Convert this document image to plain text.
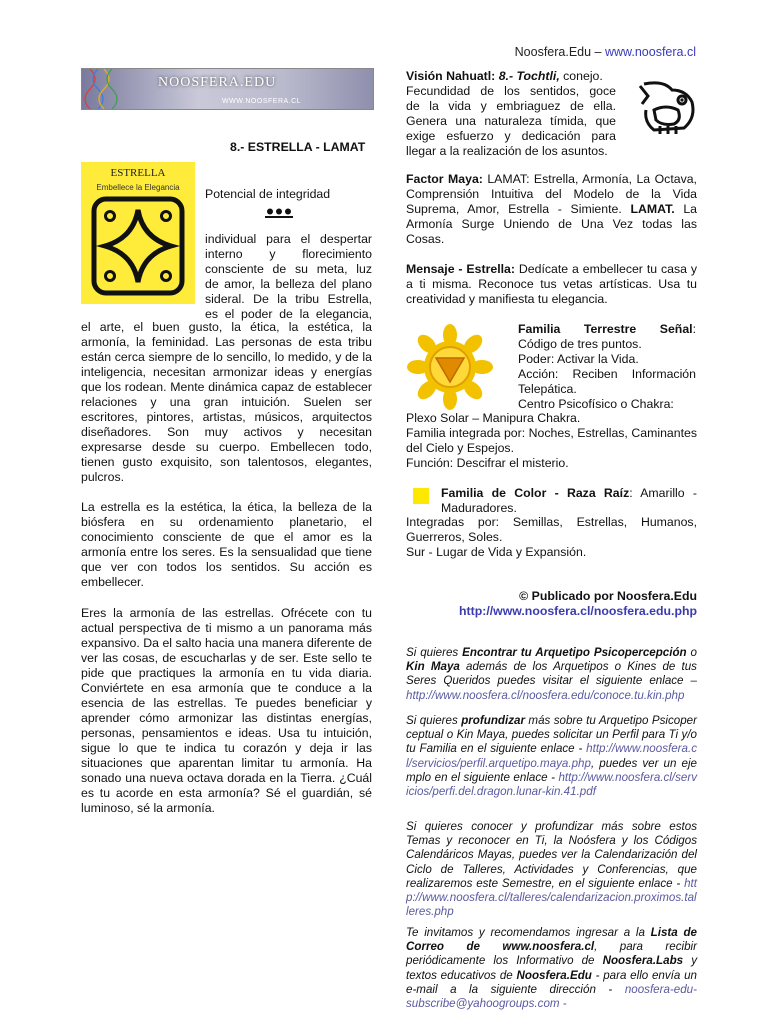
Noosfera.Edu – www.noosfera.cl
NOOSFERA.EDU
WWW.NOOSFERA.CL
8.- ESTRELLA - LAMAT
ESTRELLA
Embellece la Elegancia	Potencial de integridad

individual para el despertar

interno y florecimiento

consciente de su meta, luz

de amor, la belleza del plano

sideral. De la tribu Estrella,

es el poder de la elegancia,

el arte, el buen gusto, la ética, la estética, la armonía, la feminidad. Las personas de esta tribu están cerca siempre de lo sencillo, lo medido, y de la inteligencia, necesitan armonizar ideas y energías que los rodean. Mente dinámica capaz de establecer relaciones y una gran intuición. Suelen ser escritores, pintores, artistas, músicos, arquitectos diseñadores. Son muy activos y necesitan expresarse desde su cuerpo. Embellecen todo, tienen gusto exquisito, son talentosos, elegantes, pulcros.

La estrella es la estética, la ética, la belleza de la biósfera en su ordenamiento planetario, el conocimiento consciente de que el amor es la armonía entre los seres. Es la sensualidad que tiene que ver con todos los sentidos. Su acción es embellecer.

Eres la armonía de las estrellas. Ofrécete con tu actual perspectiva de ti mismo a un panorama más expansivo. Da el salto hacia una manera diferente de ver las cosas, de escucharlas y de ser. Este sello te pide que practiques la armonía en tu vida diaria. Conviértete en esa armonía que te conduce a la esencia de las estrellas. Te puedes beneficiar y aprender cómo armonizar las distintas energías, personas, pensamientos e ideas. Usa tu intuición, sigue lo que te indica tu corazón y deja ir las situaciones que aparentan limitar tu armonía. Ha sonado una nueva octava dorada en la Tierra. ¿Cuál es tu acorde en esta armonía? Sé el guardián, sé luminoso, sé la armonía.

Visión Nahuatl: 8.- Tochtli, conejo.

Fecundidad de los sentidos, goce

de la vida y embriaguez de ella.

Genera una naturaleza tímida, que

exige esfuerzo y dedicación para

llegar a la realización de los asuntos.

Factor Maya: LAMAT: Estrella, Armonía, La Octava, Comprensión Intuitiva del Modelo de la Vida Suprema, Amor, Estrella - Simiente. LAMAT. La Armonía Surge Uniendo de Una Vez todas las Cosas.
Mensaje - Estrella: Dedícate a embellecer tu casa y a ti misma. Reconoce tus vetas artísticas. Usa tu creatividad y manifiesta tu elegancia.

Familia Terrestre Señal:

Código de tres puntos.

Poder: Activar la Vida.

Acción: Reciben Información

Telepática.

Centro Psicofísico o Chakra:

Plexo Solar – Manipura Chakra.

Familia integrada por: Noches, Estrellas, Caminantes del Cielo y Espejos.

Función: Descifrar el misterio.

Familia de Color - Raza Raíz: Amarillo - Maduradores.

Integradas por: Semillas, Estrellas, Humanos, Guerreros, Soles.

Sur - Lugar de Vida y Expansión.

© Publicado por Noosfera.Edu

http://www.noosfera.cl/noosfera.edu.php

Si quieres Encontrar tu Arquetipo Psicopercepción o Kin Maya además de los Arquetipos o Kines de tus Seres Queridos puedes visitar el siguiente enlace – http://www.noosfera.cl/noosfera.edu/conoce.tu.kin.php
Si quieres profundizar más sobre tu Arquetipo Psicoperceptual o Kin Maya, puedes solicitar un Perfil para Ti y/o tu Familia en el siguiente enlace - http://www.noosfera.cl/servicios/perfil.arquetipo.maya.php, puedes ver un ejemplo en el siguiente enlace - http://www.noosfera.cl/servicios/perfi.del.dragon.lunar-kin.41.pdf
Si quieres conocer y profundizar más sobre estos Temas y reconocer en Ti, la Noósfera y los Códigos Calendáricos Mayas, puedes ver la Calendarización del Ciclo de Talleres, Actividades y Conferencias, que realizaremos este Semestre, en el siguiente enlace - http://www.noosfera.cl/talleres/calendarizacion.proximos.talleres.php
Te invitamos y recomendamos ingresar a la Lista de Correo de www.noosfera.cl, para recibir periódicamente los Informativo de Noosfera.Labs y textos educativos de Noosfera.Edu - para ello envía un e-mail a la siguiente dirección - noosfera-edu-subscribe@yahoogroups.com -
